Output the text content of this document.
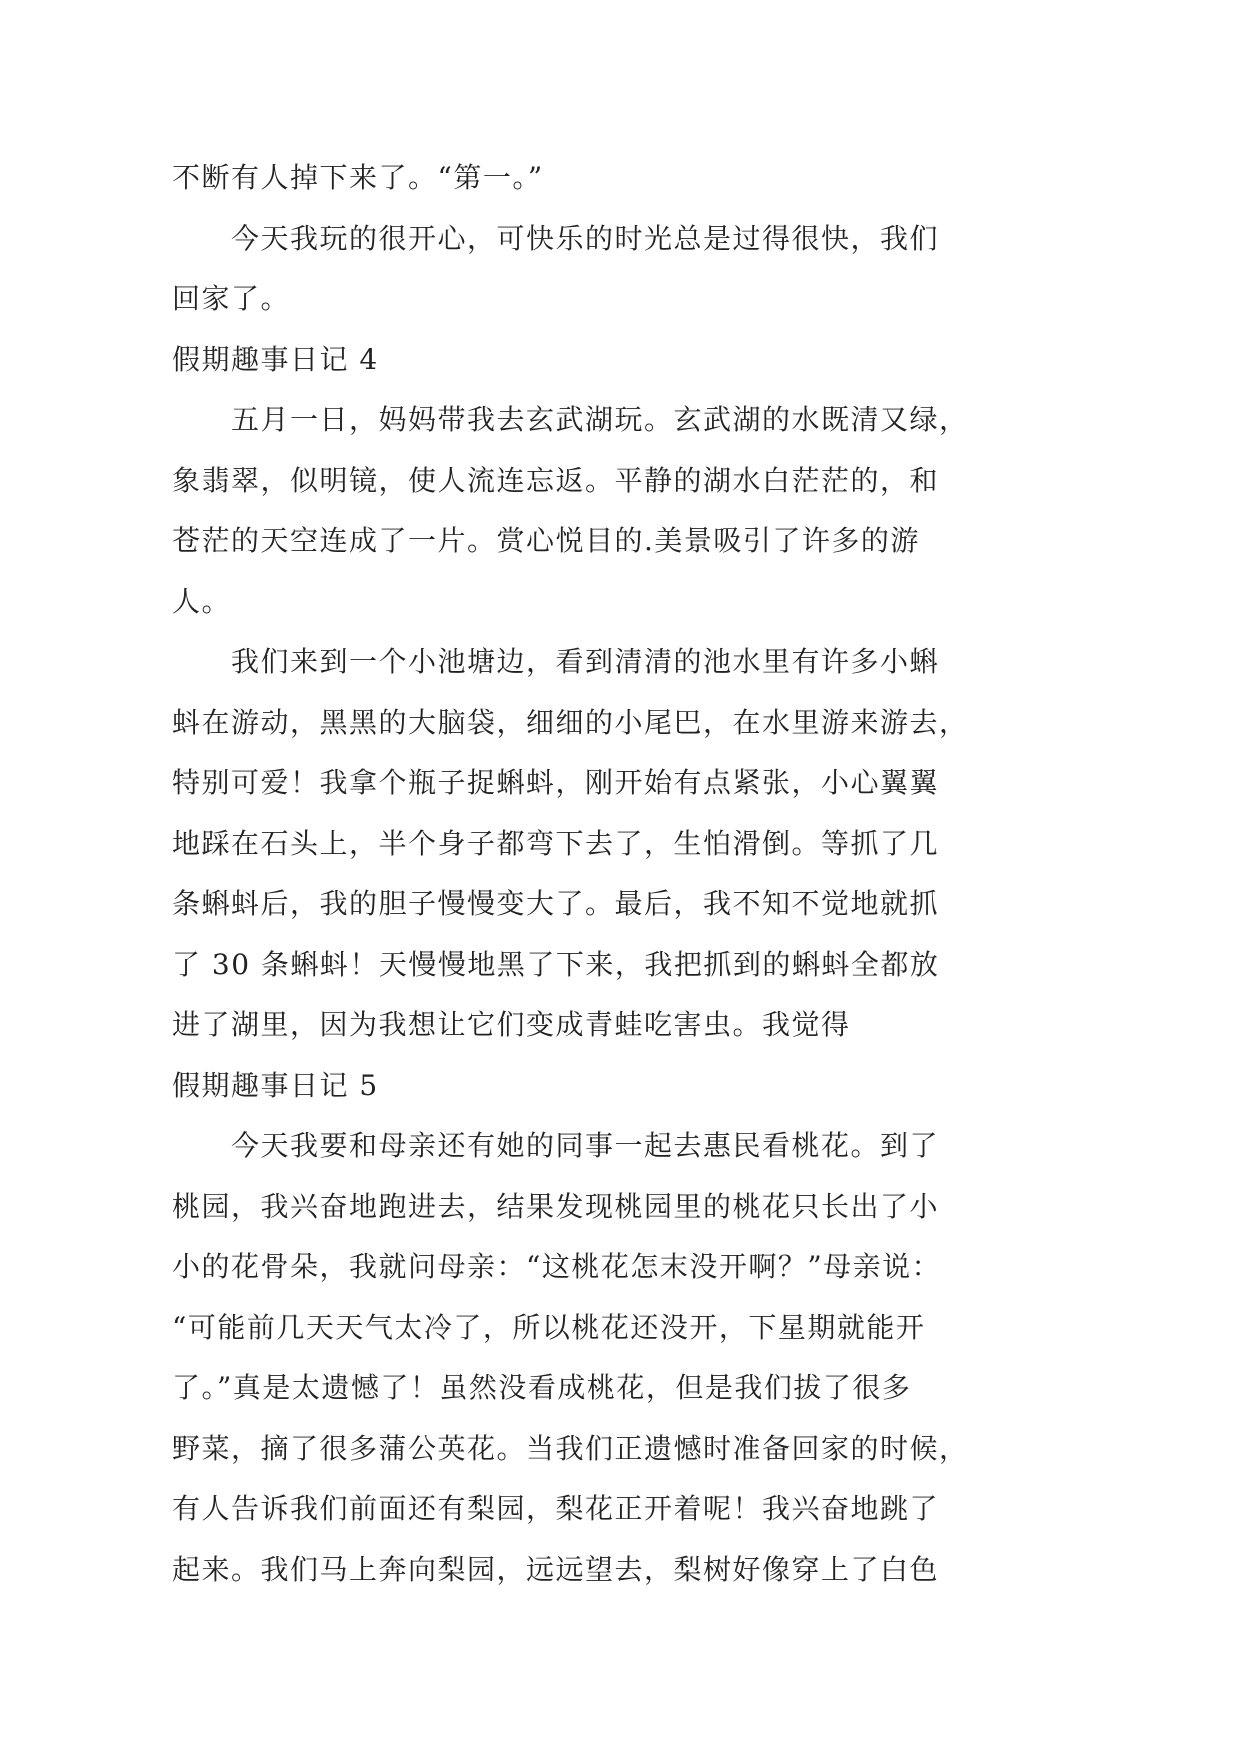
不断有人掉下来了。“第一。”
今天我玩的很开心，可快乐的时光总是过得很快，我们
回家了。
假期趣事日记 4
五月一日，妈妈带我去玄武湖玩。玄武湖的水既清又绿，
象翡翠，似明镜，使人流连忘返。平静的湖水白茫茫的，和
苍茫的天空连成了一片。赏心悦目的.美景吸引了许多的游
人。
我们来到一个小池塘边，看到清清的池水里有许多小蝌
蚪在游动，黑黑的大脑袋，细细的小尾巴，在水里游来游去，
特别可爱！我拿个瓶子捉蝌蚪，刚开始有点紧张，小心翼翼
地踩在石头上，半个身子都弯下去了，生怕滑倒。等抓了几
条蝌蚪后，我的胆子慢慢变大了。最后，我不知不觉地就抓
了 30 条蝌蚪！天慢慢地黑了下来，我把抓到的蝌蚪全都放
进了湖里，因为我想让它们变成青蛙吃害虫。我觉得
假期趣事日记 5
今天我要和母亲还有她的同事一起去惠民看桃花。到了
桃园，我兴奋地跑进去，结果发现桃园里的桃花只长出了小
小的花骨朵，我就问母亲：“这桃花怎末没开啊？”母亲说：
“可能前几天天气太冷了，所以桃花还没开，下星期就能开
了。”真是太遗憾了！虽然没看成桃花，但是我们拔了很多
野菜，摘了很多蒲公英花。当我们正遗憾时准备回家的时候，
有人告诉我们前面还有梨园，梨花正开着呢！我兴奋地跳了
起来。我们马上奔向梨园，远远望去，梨树好像穿上了白色
